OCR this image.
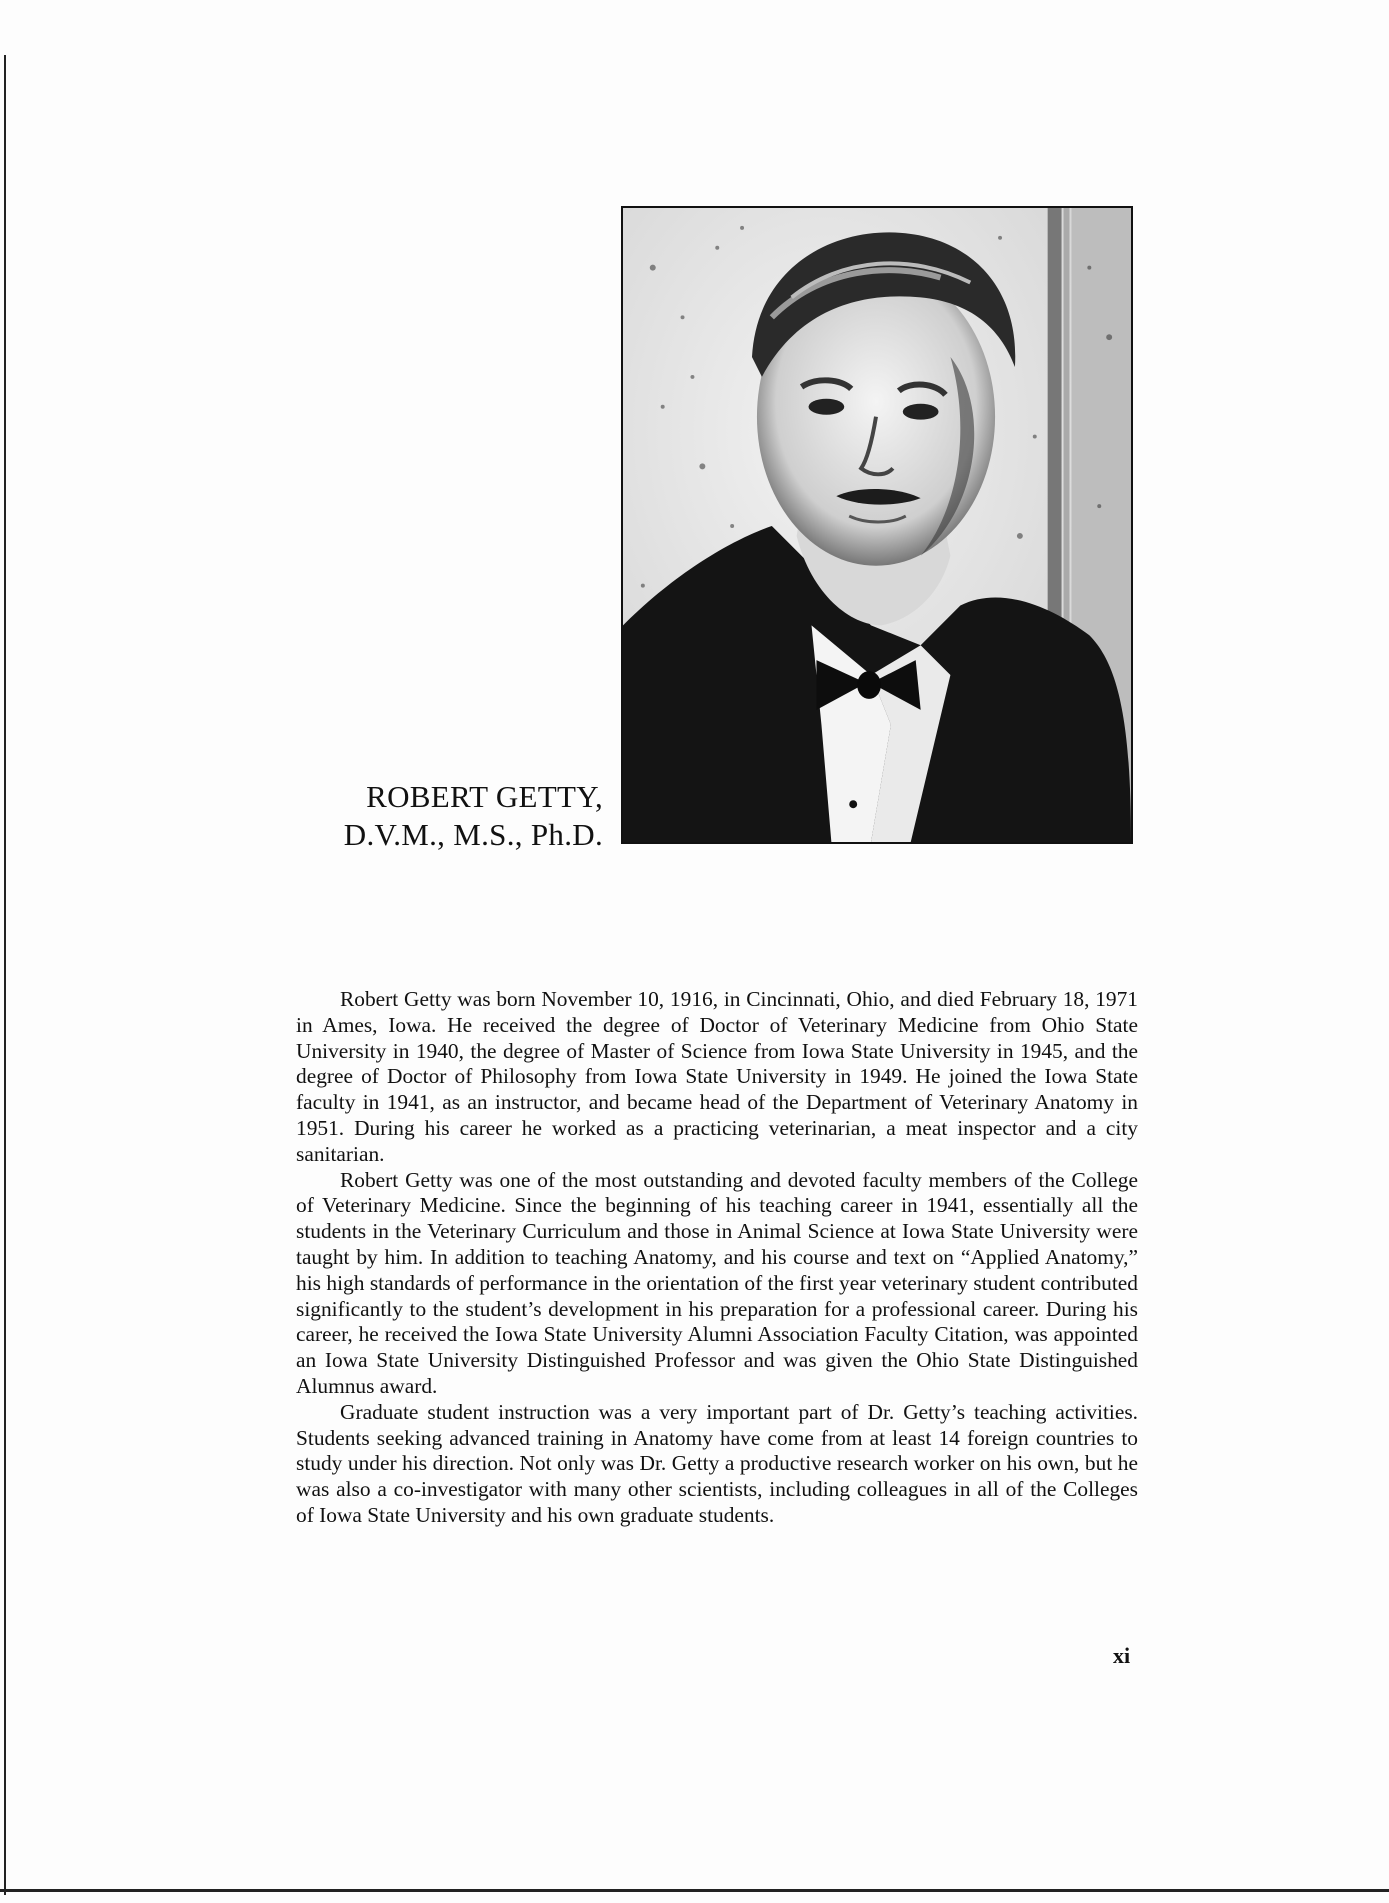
ROBERT GETTY,
D.V.M., M.S., Ph.D.

Robert Getty was born November 10, 1916, in Cincinnati, Ohio, and died February 18, 1971 in Ames, Iowa. He received the degree of Doctor of Veterinary Medicine from Ohio State University in 1940, the degree of Master of Science from Iowa State University in 1945, and the degree of Doctor of Philosophy from Iowa State University in 1949. He joined the Iowa State faculty in 1941, as an instructor, and became head of the Department of Veterinary Anatomy in 1951. During his career he worked as a practicing veterinarian, a meat inspector and a city sanitarian.

Robert Getty was one of the most outstanding and devoted faculty members of the College of Veterinary Medicine. Since the beginning of his teaching career in 1941, essentially all the students in the Veterinary Curriculum and those in Animal Science at Iowa State University were taught by him. In addition to teaching Anatomy, and his course and text on “Applied Anatomy,” his high standards of performance in the orientation of the first year veterinary student contributed significantly to the student’s development in his preparation for a professional career. During his career, he received the Iowa State University Alumni Association Faculty Citation, was appointed an Iowa State University Distinguished Professor and was given the Ohio State Distinguished Alumnus award.

Graduate student instruction was a very important part of Dr. Getty’s teaching activities. Students seeking advanced training in Anatomy have come from at least 14 foreign countries to study under his direction. Not only was Dr. Getty a productive research worker on his own, but he was also a co-investigator with many other scientists, including colleagues in all of the Colleges of Iowa State University and his own graduate students.

xi
